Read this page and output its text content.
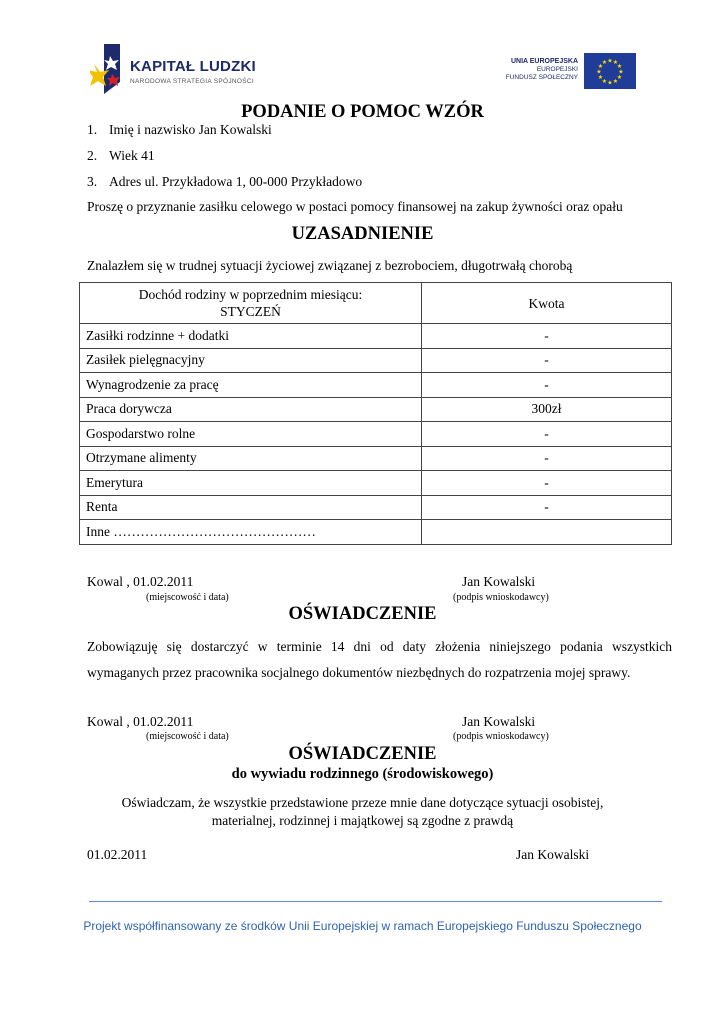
KAPITAŁ LUDZKI
NARODOWA STRATEGIA SPÓJNOŚCI
UNIA EUROPEJSKA
EUROPEJSKI
FUNDUSZ SPOŁECZNY
★ ★
★
★
★
★
★
★
★
★
★
★
PODANIE O POMOC WZÓR
1. Imię i nazwisko Jan Kowalski
2. Wiek 41
3. Adres ul. Przykładowa 1, 00-000 Przykładowo
Proszę o przyznanie zasiłku celowego w postaci pomocy finansowej na zakup żywności oraz opału
UZASADNIENIE
Znalazłem się w trudnej sytuacji życiowej związanej z bezrobociem, długotrwałą chorobą
Dochód rodziny w poprzednim miesiącu:
STYCZEŃ	Kwota
Zasiłki rodzinne + dodatki	-
Zasiłek pielęgnacyjny	-
Wynagrodzenie za pracę	-
Praca dorywcza	300zł
Gospodarstwo rolne	-
Otrzymane alimenty	-
Emerytura	-
Renta	-
Inne ………………………………………	
Kowal , 01.02.2011	Jan Kowalski
(miejscowość i data)	(podpis wnioskodawcy)
OŚWIADCZENIE
Zobowiązuję się dostarczyć w terminie 14 dni od daty złożenia niniejszego podania wszystkich wymaganych przez pracownika socjalnego dokumentów niezbędnych do rozpatrzenia mojej sprawy.
Kowal , 01.02.2011	Jan Kowalski
(miejscowość i data)	(podpis wnioskodawcy)
OŚWIADCZENIE
do wywiadu rodzinnego (środowiskowego)
Oświadczam, że wszystkie przedstawione przeze mnie dane dotyczące sytuacji osobistej,
materialnej, rodzinnej i majątkowej są zgodne z prawdą
01.02.2011	Jan Kowalski
Projekt współfinansowany ze środków Unii Europejskiej w ramach Europejskiego Funduszu Społecznego
